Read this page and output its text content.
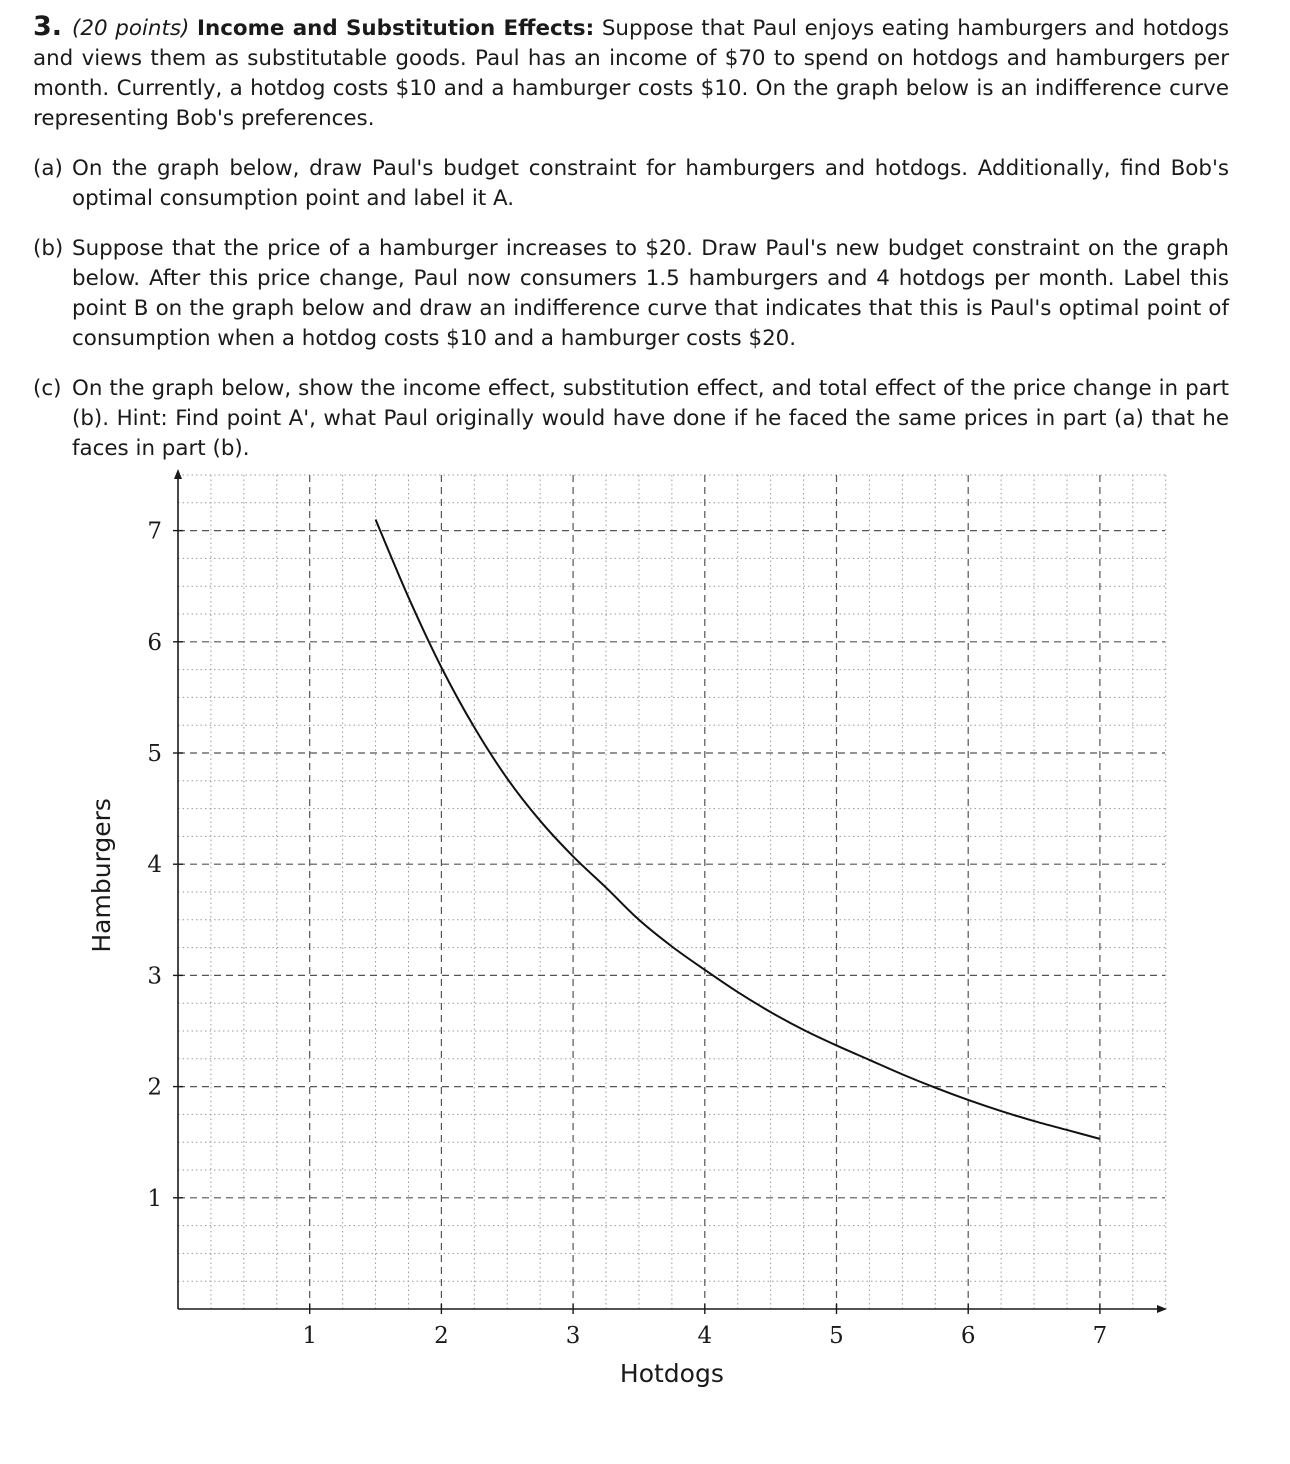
3. (20 points) Income and Substitution Effects: Suppose that Paul enjoys eating hamburgers and hotdogs and views them as substitutable goods. Paul has an income of $70 to spend on hotdogs and hamburgers per month. Currently, a hotdog costs $10 and a hamburger costs $10. On the graph below is an indifference curve representing Bob's preferences.
(a) On the graph below, draw Paul's budget constraint for hamburgers and hotdogs. Additionally, find Bob's optimal consumption point and label it A.
(b) Suppose that the price of a hamburger increases to $20. Draw Paul's new budget constraint on the graph below. After this price change, Paul now consumers 1.5 hamburgers and 4 hotdogs per month. Label this point B on the graph below and draw an indifference curve that indicates that this is Paul's optimal point of consumption when a hotdog costs $10 and a hamburger costs $20.
(c) On the graph below, show the income effect, substitution effect, and total effect of the price change in part (b). Hint: Find point A', what Paul originally would have done if he faced the same prices in part (a) that he faces in part (b).
1	2	3	4	5	6	7
1
2
3
4
5
6
7
Hotdogs
Hamburgers
